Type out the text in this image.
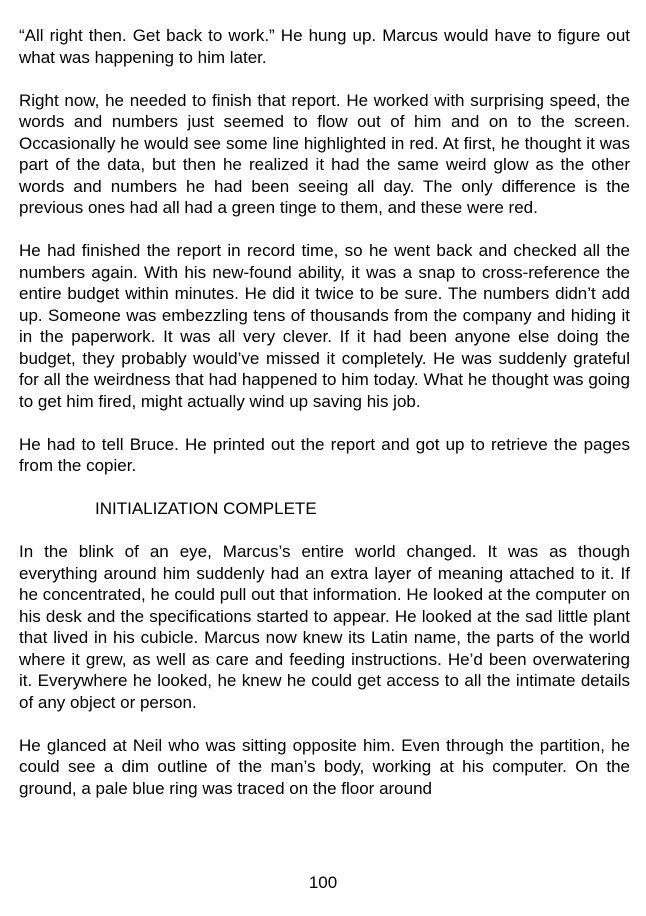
“All right then. Get back to work.” He hung up. Marcus would have to figure out what was happening to him later.

Right now, he needed to finish that report. He worked with surprising speed, the words and numbers just seemed to flow out of him and on to the screen. Occasionally he would see some line highlighted in red. At first, he thought it was part of the data, but then he realized it had the same weird glow as the other words and numbers he had been seeing all day. The only difference is the previous ones had all had a green tinge to them, and these were red.

He had finished the report in record time, so he went back and checked all the numbers again. With his new-found ability, it was a snap to cross-reference the entire budget within minutes. He did it twice to be sure. The numbers didn’t add up. Someone was embezzling tens of thousands from the company and hiding it in the paperwork. It was all very clever. If it had been anyone else doing the budget, they probably would’ve missed it completely. He was suddenly grateful for all the weirdness that had happened to him today. What he thought was going to get him fired, might actually wind up saving his job.

He had to tell Bruce. He printed out the report and got up to retrieve the pages from the copier.

INITIALIZATION COMPLETE

In the blink of an eye, Marcus’s entire world changed. It was as though everything around him suddenly had an extra layer of meaning attached to it. If he concentrated, he could pull out that information. He looked at the computer on his desk and the specifications started to appear. He looked at the sad little plant that lived in his cubicle. Marcus now knew its Latin name, the parts of the world where it grew, as well as care and feeding instructions. He’d been overwatering it. Everywhere he looked, he knew he could get access to all the intimate details of any object or person.

He glanced at Neil who was sitting opposite him. Even through the partition, he could see a dim outline of the man’s body, working at his computer. On the ground, a pale blue ring was traced on the floor around

100
